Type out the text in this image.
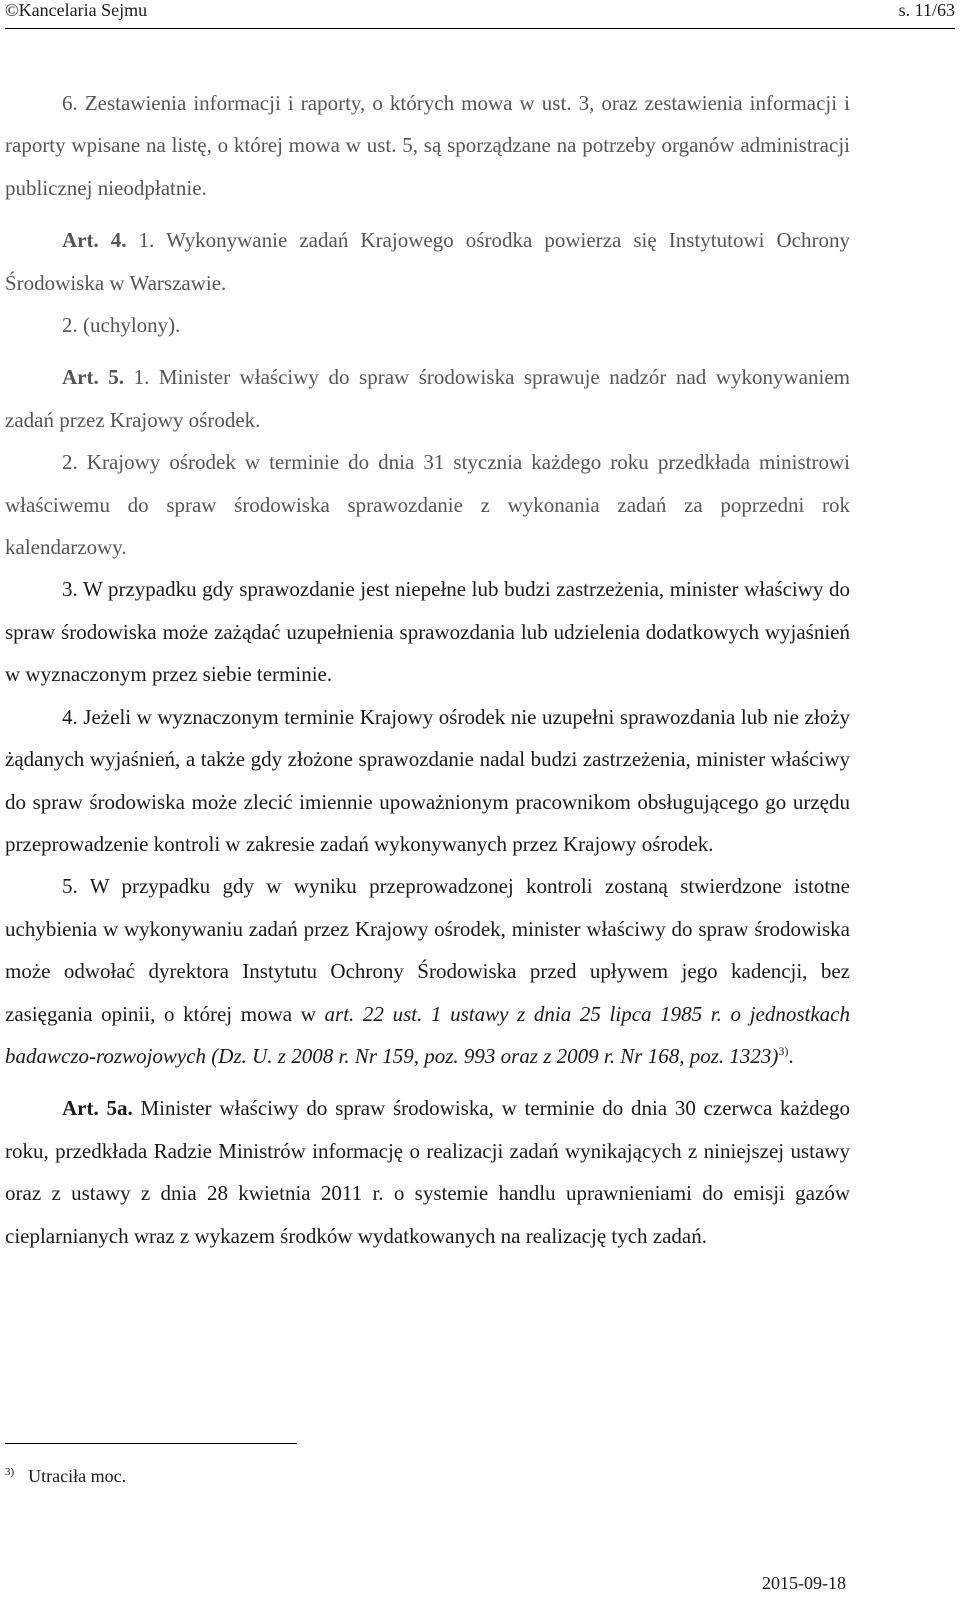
©Kancelaria Sejmu	s. 11/63

6. Zestawienia informacji i raporty, o których mowa w ust. 3, oraz zestawienia informacji i raporty wpisane na listę, o której mowa w ust. 5, są sporządzane na potrzeby organów administracji publicznej nieodpłatnie.

Art. 4. 1. Wykonywanie zadań Krajowego ośrodka powierza się Instytutowi Ochrony Środowiska w Warszawie.

2. (uchylony).

Art. 5. 1. Minister właściwy do spraw środowiska sprawuje nadzór nad wykonywaniem zadań przez Krajowy ośrodek.

2. Krajowy ośrodek w terminie do dnia 31 stycznia każdego roku przedkłada ministrowi właściwemu do spraw środowiska sprawozdanie z wykonania zadań za poprzedni rok kalendarzowy.

3. W przypadku gdy sprawozdanie jest niepełne lub budzi zastrzeżenia, minister właściwy do spraw środowiska może zażądać uzupełnienia sprawozdania lub udzielenia dodatkowych wyjaśnień w wyznaczonym przez siebie terminie.

4. Jeżeli w wyznaczonym terminie Krajowy ośrodek nie uzupełni sprawozdania lub nie złoży żądanych wyjaśnień, a także gdy złożone sprawozdanie nadal budzi zastrzeżenia, minister właściwy do spraw środowiska może zlecić imiennie upoważnionym pracownikom obsługującego go urzędu przeprowadzenie kontroli w zakresie zadań wykonywanych przez Krajowy ośrodek.

5. W przypadku gdy w wyniku przeprowadzonej kontroli zostaną stwierdzone istotne uchybienia w wykonywaniu zadań przez Krajowy ośrodek, minister właściwy do spraw środowiska może odwołać dyrektora Instytutu Ochrony Środowiska przed upływem jego kadencji, bez zasięgania opinii, o której mowa w art. 22 ust. 1 ustawy z dnia 25 lipca 1985 r. o jednostkach badawczo-rozwojowych (Dz. U. z 2008 r. Nr 159, poz. 993 oraz z 2009 r. Nr 168, poz. 1323)$^{3)}$.

Art. 5a. Minister właściwy do spraw środowiska, w terminie do dnia 30 czerwca każdego roku, przedkłada Radzie Ministrów informację o realizacji zadań wynikających z niniejszej ustawy oraz z ustawy z dnia 28 kwietnia 2011 r. o systemie handlu uprawnieniami do emisji gazów cieplarnianych wraz z wykazem środków wydatkowanych na realizację tych zadań.

$^{3)}$ Utraciła moc.
2015-09-18
